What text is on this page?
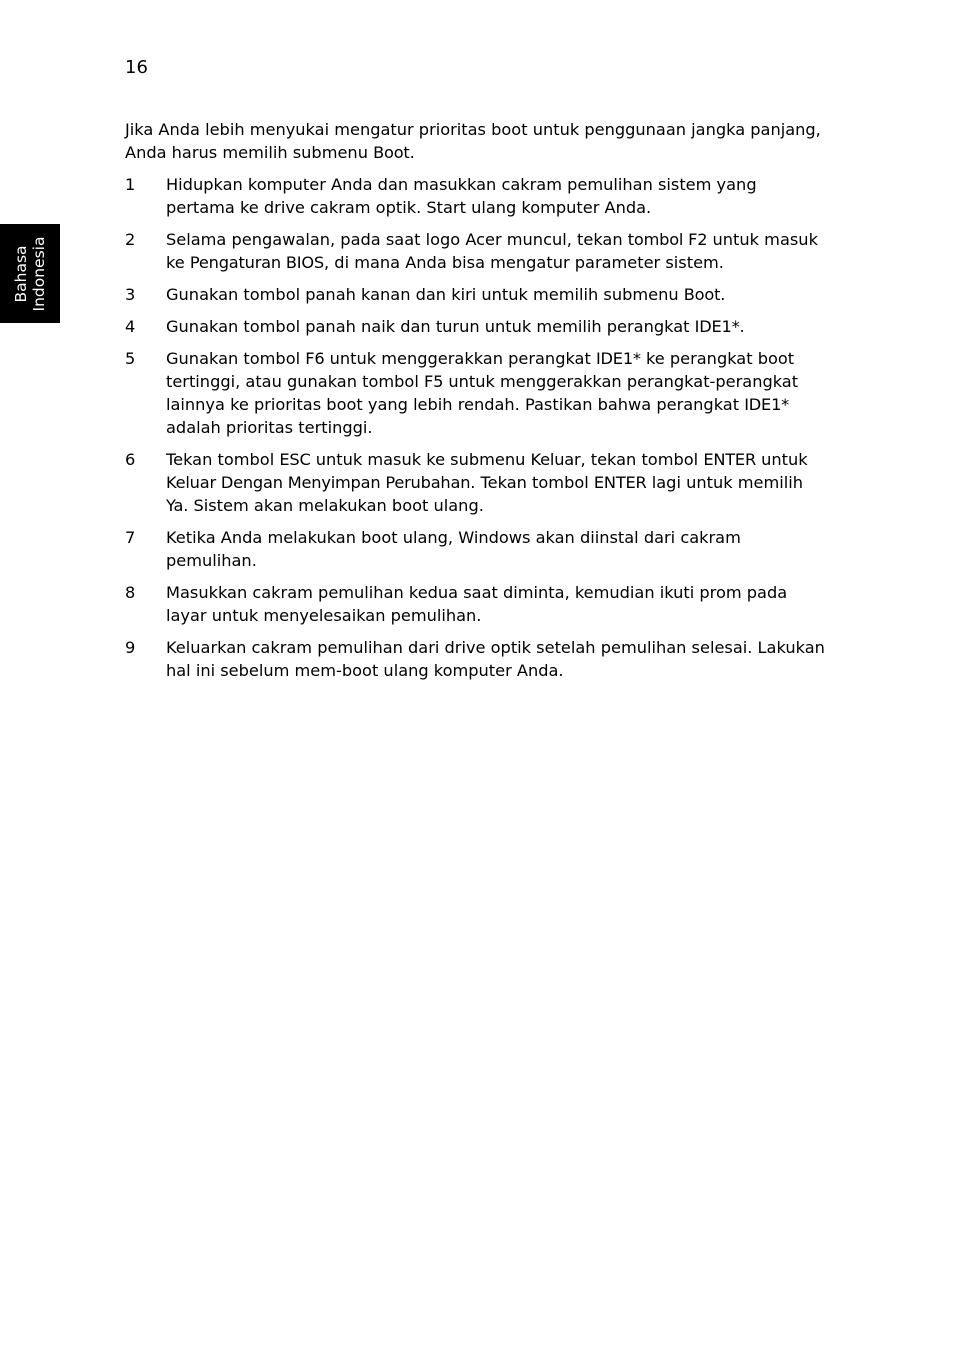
16
Bahasa Indonesia

Jika Anda lebih menyukai mengatur prioritas boot untuk penggunaan jangka panjang, Anda harus memilih submenu Boot.

1	Hidupkan komputer Anda dan masukkan cakram pemulihan sistem yang pertama ke drive cakram optik. Start ulang komputer Anda.
2	Selama pengawalan, pada saat logo Acer muncul, tekan tombol F2 untuk masuk ke Pengaturan BIOS, di mana Anda bisa mengatur parameter sistem.
3	Gunakan tombol panah kanan dan kiri untuk memilih submenu Boot.
4	Gunakan tombol panah naik dan turun untuk memilih perangkat IDE1*.
5	Gunakan tombol F6 untuk menggerakkan perangkat IDE1* ke perangkat boot tertinggi, atau gunakan tombol F5 untuk menggerakkan perangkat-perangkat lainnya ke prioritas boot yang lebih rendah. Pastikan bahwa perangkat IDE1* adalah prioritas tertinggi.
6	Tekan tombol ESC untuk masuk ke submenu Keluar, tekan tombol ENTER untuk Keluar Dengan Menyimpan Perubahan. Tekan tombol ENTER lagi untuk memilih Ya. Sistem akan melakukan boot ulang.
7	Ketika Anda melakukan boot ulang, Windows akan diinstal dari cakram pemulihan.
8	Masukkan cakram pemulihan kedua saat diminta, kemudian ikuti prom pada layar untuk menyelesaikan pemulihan.
9	Keluarkan cakram pemulihan dari drive optik setelah pemulihan selesai. Lakukan hal ini sebelum mem-boot ulang komputer Anda.
